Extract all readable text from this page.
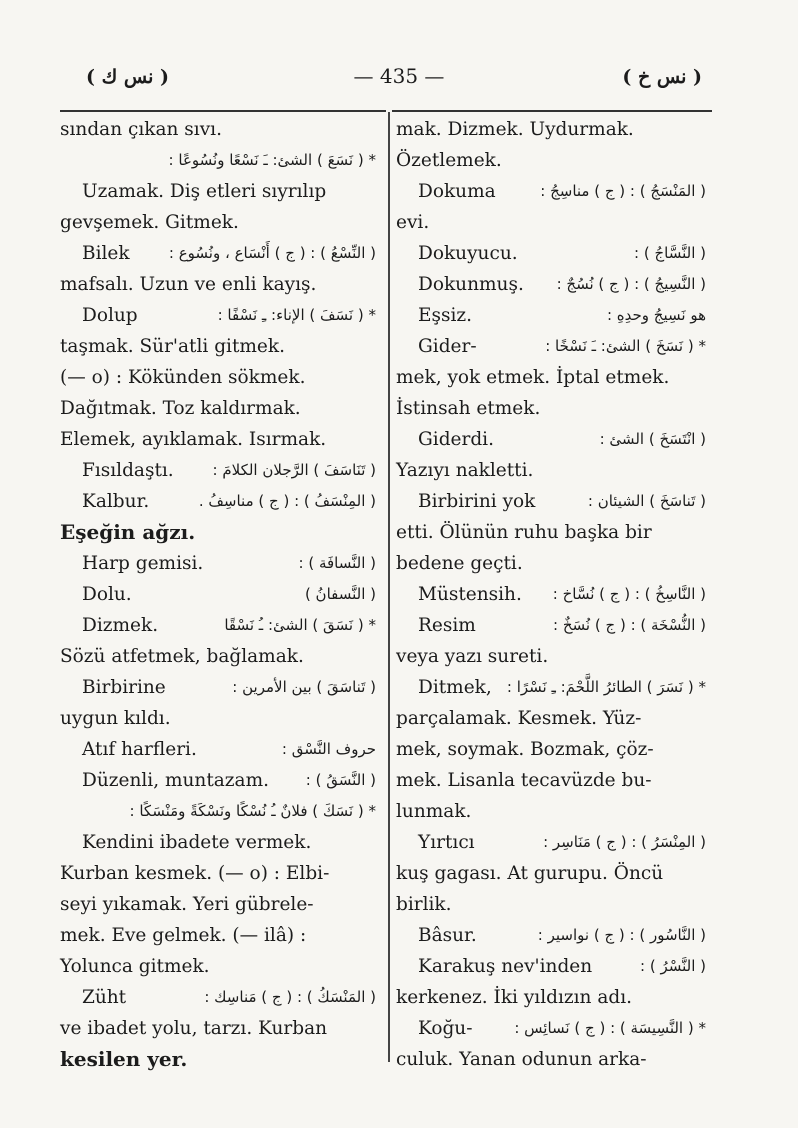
( نس ك )	— 435 —	( نس خ )
sından çıkan sıvı.
* ( نَسَعَ ) الشئ: ـَ نَسْعًا ونُسُوعًا :
Uzamak. Diş etleri sıyrılıp
gevşemek. Gitmek.
Bilek	( النِّسْعُ ) : ( ج ) أَنْسَاع ، ونُسُوع :
mafsalı. Uzun ve enli kayış.
Dolup	* ( نَسَفَ ) الإناء: ـِ نَسْفًا :
taşmak. Sür'atli gitmek.
(— o) : Kökünden sökmek.
Dağıtmak. Toz kaldırmak.
Elemek, ayıklamak. Isırmak.
Fısıldaştı.	( تَنَاسَفَ ) الرَّجلان الكلامَ :
Kalbur.	( المِنْسَفُ ) : ( ج ) مناسِفُ .
Eşeğin ağzı.
Harp gemisi.	( النَّسافَة ) :
Dolu.	( النَّسفانُ )
Dizmek.	* ( نَسَقَ ) الشئ: ـُ نَسْقًا
Sözü atfetmek, bağlamak.
Birbirine	( تَناسَقَ ) بين الأمرين :
uygun kıldı.
Atıf harfleri.	حروف النَّسْق :
Düzenli, muntazam. ( النَّسَقُ ) :
* ( نَسَكَ ) فلانٌ ـُ نُسْكًا ونَسْكَةً ومَنْسَكًا :
Kendini ibadete vermek.
Kurban kesmek. (— o) : Elbi-
seyi yıkamak. Yeri gübrele-
mek. Eve gelmek. (— ilâ) :
Yolunca gitmek.
Züht	( المَنْسَكُ ) : ( ج ) مَناسِك :
ve ibadet yolu, tarzı. Kurban
kesilen yer.
mak. Dizmek. Uydurmak.
Özetlemek.
Dokuma	( المَنْسَجُ ) : ( ج ) مناسِجُ :
evi.
Dokuyucu.	( النَّسَّاجُ ) :
Dokunmuş. ( النَّسِيجُ ) : ( ج ) نُسُجٌ :
Eşsiz.	هو نَسِيجُ وحدِهِ :
Gider-	* ( نَسَخَ ) الشئ: ـَ نَسْخًا :
mek, yok etmek. İptal etmek.
İstinsah etmek.
Giderdi.	( انْتَسَخَ ) الشئ :
Yazıyı nakletti.
Birbirini yok	( تَناسَخَ ) الشيئان :
etti. Ölünün ruhu başka bir
bedene geçti.
Müstensih. ( النَّاسِخُ ) : ( ج ) نُسَّاخ :
Resim	( النُّسْخَة ) : ( ج ) نُسَخٌ :
veya yazı sureti.
Ditmek, * ( نَسَرَ ) الطائرُ اللَّحْمَ: ـِ نَسْرًا :
parçalamak. Kesmek. Yüz-
mek, soymak. Bozmak, çöz-
mek. Lisanla tecavüzde bu-
lunmak.
Yırtıcı	( المِنْسَرُ ) : ( ج ) مَنَاسِر :
kuş gagası. At gurupu. Öncü
birlik.
Bâsur.	( النَّاسُور ) : ( ج ) نواسير :
Karakuş nev'inden	( النَّسْرُ ) :
kerkenez. İki yıldızın adı.
Koğu-	* ( النَّسِيسَة ) : ( ج ) نَسائِس :
culuk. Yanan odunun arka-
